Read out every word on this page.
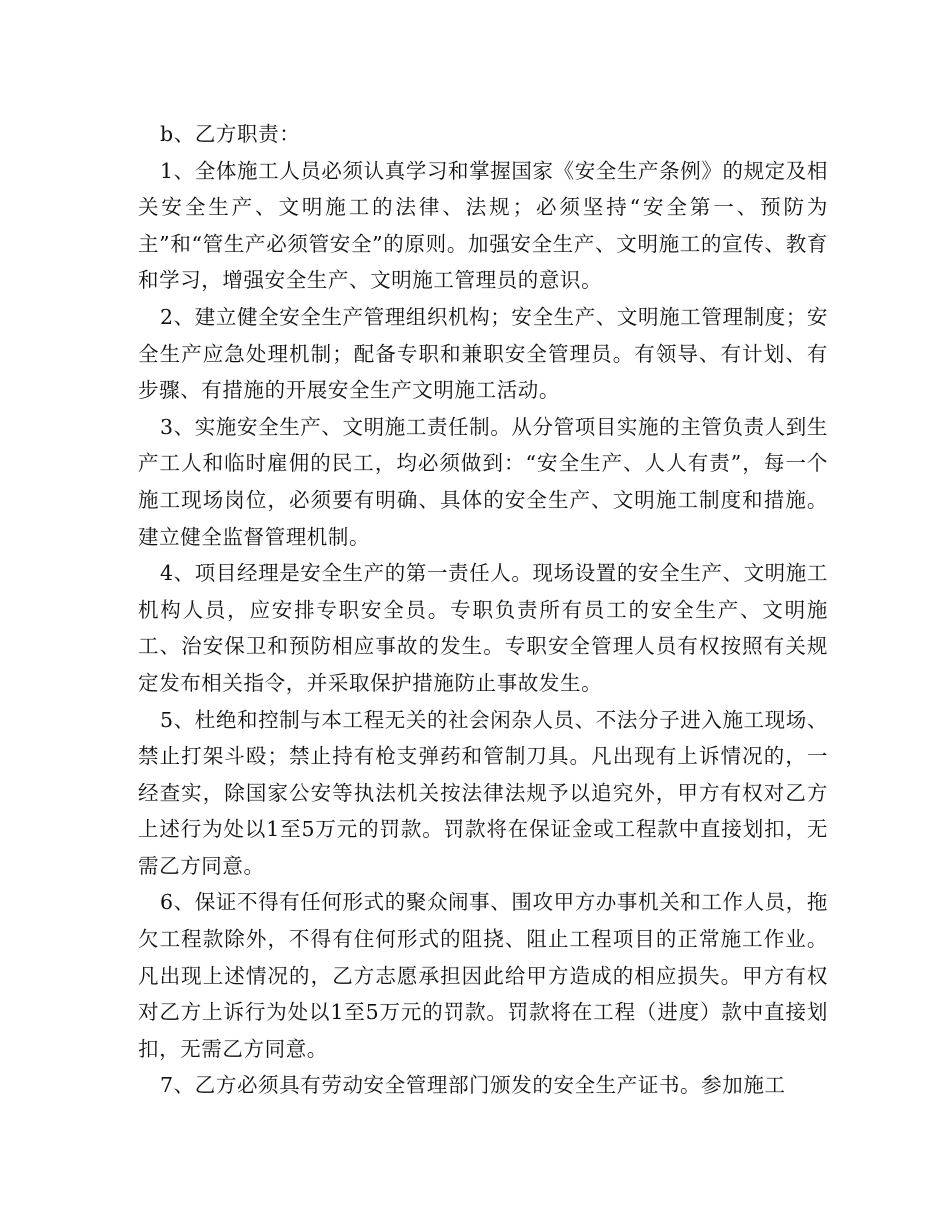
b、乙方职责：

1、全体施工人员必须认真学习和掌握国家《安全生产条例》的规定及相关安全生产、文明施工的法律、法规；必须坚持“安全第一、预防为主”和“管生产必须管安全”的原则。加强安全生产、文明施工的宣传、教育和学习，增强安全生产、文明施工管理员的意识。

2、建立健全安全生产管理组织机构；安全生产、文明施工管理制度；安全生产应急处理机制；配备专职和兼职安全管理员。有领导、有计划、有步骤、有措施的开展安全生产文明施工活动。

3、实施安全生产、文明施工责任制。从分管项目实施的主管负责人到生产工人和临时雇佣的民工，均必须做到：“安全生产、人人有责”，每一个施工现场岗位，必须要有明确、具体的安全生产、文明施工制度和措施。建立健全监督管理机制。

4、项目经理是安全生产的第一责任人。现场设置的安全生产、文明施工机构人员，应安排专职安全员。专职负责所有员工的安全生产、文明施工、治安保卫和预防相应事故的发生。专职安全管理人员有权按照有关规定发布相关指令，并采取保护措施防止事故发生。

5、杜绝和控制与本工程无关的社会闲杂人员、不法分子进入施工现场、禁止打架斗殴；禁止持有枪支弹药和管制刀具。凡出现有上诉情况的，一经查实，除国家公安等执法机关按法律法规予以追究外，甲方有权对乙方上述行为处以1至5万元的罚款。罚款将在保证金或工程款中直接划扣，无需乙方同意。

6、保证不得有任何形式的聚众闹事、围攻甲方办事机关和工作人员，拖欠工程款除外，不得有住何形式的阻挠、阻止工程项目的正常施工作业。凡出现上述情况的，乙方志愿承担因此给甲方造成的相应损失。甲方有权对乙方上诉行为处以1至5万元的罚款。罚款将在工程（进度）款中直接划扣，无需乙方同意。

7、乙方必须具有劳动安全管理部门颁发的安全生产证书。参加施工
